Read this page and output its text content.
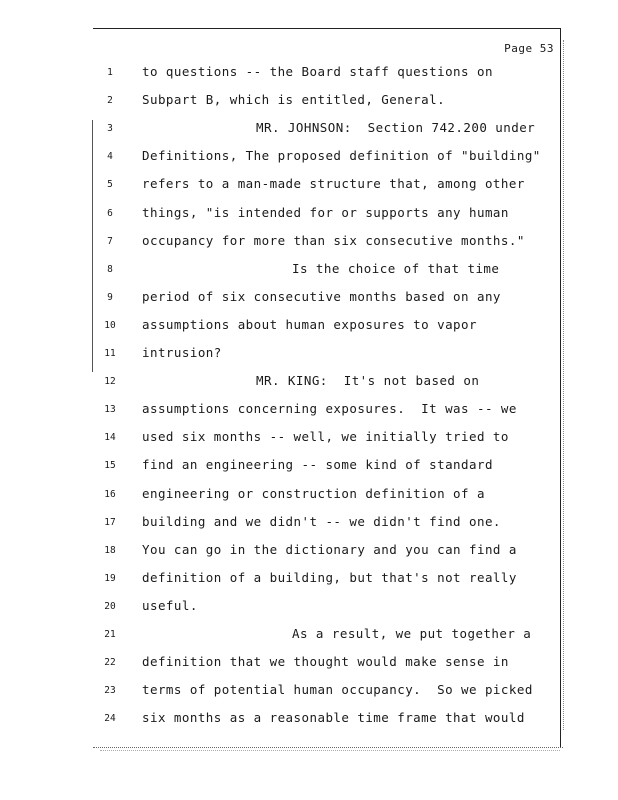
Page 53
1	to questions -- the Board staff questions on
2	Subpart B, which is entitled, General.
3	MR. JOHNSON:  Section 742.200 under
4	Definitions, The proposed definition of "building"
5	refers to a man-made structure that, among other
6	things, "is intended for or supports any human
7	occupancy for more than six consecutive months."
8	Is the choice of that time
9	period of six consecutive months based on any
10	assumptions about human exposures to vapor
11	intrusion?
12	MR. KING:  It's not based on
13	assumptions concerning exposures.  It was -- we
14	used six months -- well, we initially tried to
15	find an engineering -- some kind of standard
16	engineering or construction definition of a
17	building and we didn't -- we didn't find one.
18	You can go in the dictionary and you can find a
19	definition of a building, but that's not really
20	useful.
21	As a result, we put together a
22	definition that we thought would make sense in
23	terms of potential human occupancy.  So we picked
24	six months as a reasonable time frame that would
